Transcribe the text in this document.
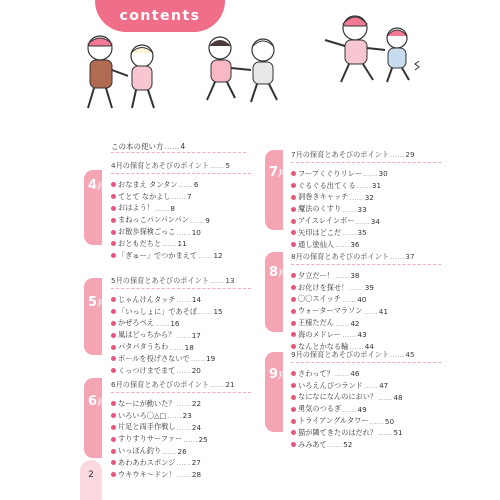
contents
この本の使い方……4
4月
5月
6月
7月
8月
9月
4月の保育とあそびのポイント……5
おなまえ タンタン …… 6
てとて なかよし …… 7
おはよう！ …… 8
まねっこパンパンパン …… 9
お散歩探検ごっこ …… 10
おともだちと …… 11
「ぎゅー」でつかまえて …… 12
5月の保育とあそびのポイント……13
じゃんけんタッチ …… 14
「いっしょに」であそぼ …… 15
かぜろペえ …… 16
風はどっちから？ …… 17
パタパタうちわ …… 18
ボールを投げさないで …… 19
くっつけまでまて …… 20
6月の保育とあそびのポイント……21
なーにが動いた？ …… 22
いろいろ〇△□ …… 23
片足と両手作戦し …… 24
すりすりサーファー …… 25
いっぽん釣り …… 26
あわあわスポンジ …… 27
ウキウキ～ドン！ …… 28
7月の保育とあそびのポイント……29
フープくぐりリレー …… 30
ぐるぐる出てくる …… 31
洞巻きキャッチ …… 32
魔法のくすり …… 33
アイスレインボー …… 34
矢印はどこだ …… 35
通し塗仙人 …… 36
8月の保育とあそびのポイント……37
夕立だー！ …… 38
お化けを探せ！ …… 39
〇〇スイッチ …… 40
ウォーターマラソン …… 41
王様ただん …… 42
海のメドレー …… 43
なんとかなる輪 …… 44
9月の保育とあそびのポイント……45
さわって？ …… 46
いろえんぴつランド …… 47
なになになんのにおい？ …… 48
勇気のつるぎ …… 49
トライアングルタワー …… 50
猫が隣てきたのはだれ？ …… 51
みみあて …… 52
2
